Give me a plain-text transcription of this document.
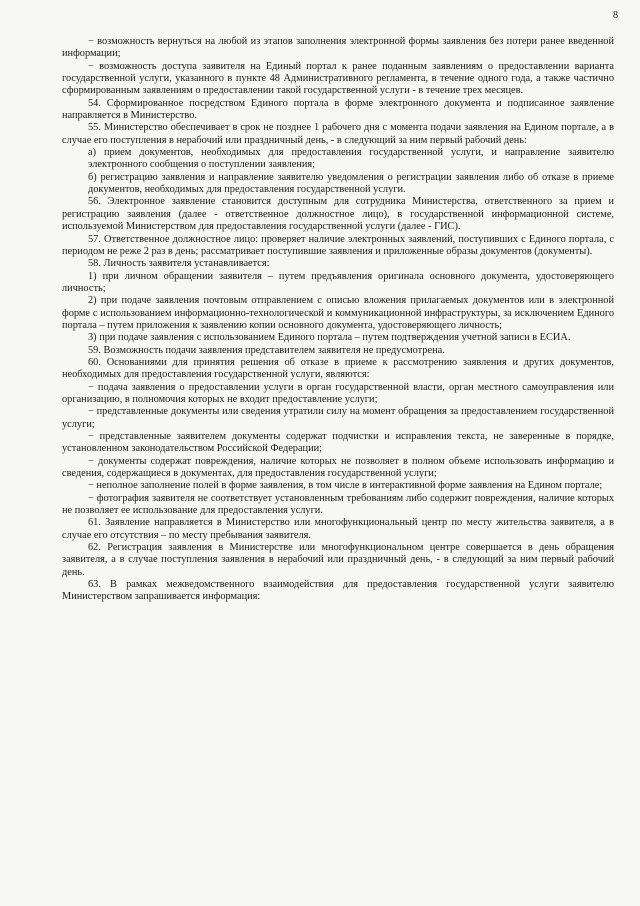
8

− возможность вернуться на любой из этапов заполнения электронной формы заявления без потери ранее введенной информации;

− возможность доступа заявителя на Единый портал к ранее поданным заявлениям о предоставлении варианта государственной услуги, указанного в пункте 48 Административного регламента, в течение одного года, а также частично сформированным заявлениям о предоставлении такой государственной услуги - в течение трех месяцев.

54. Сформированное посредством Единого портала в форме электронного документа и подписанное заявление направляется в Министерство.

55. Министерство обеспечивает в срок не позднее 1 рабочего дня с момента подачи заявления на Едином портале, а в случае его поступления в нерабочий или праздничный день, - в следующий за ним первый рабочий день:

а) прием документов, необходимых для предоставления государственной услуги, и направление заявителю электронного сообщения о поступлении заявления;

б) регистрацию заявления и направление заявителю уведомления о регистрации заявления либо об отказе в приеме документов, необходимых для предоставления государственной услуги.

56. Электронное заявление становится доступным для сотрудника Министерства, ответственного за прием и регистрацию заявления (далее - ответственное должностное лицо), в государственной информационной системе, используемой Министерством для предоставления государственной услуги (далее - ГИС).

57. Ответственное должностное лицо: проверяет наличие электронных заявлений, поступивших с Единого портала, с периодом не реже 2 раз в день; рассматривает поступившие заявления и приложенные образы документов (документы).

58. Личность заявителя устанавливается:

1) при личном обращении заявителя – путем предъявления оригинала основного документа, удостоверяющего личность;

2) при подаче заявления почтовым отправлением с описью вложения прилагаемых документов или в электронной форме с использованием информационно-технологической и коммуникационной инфраструктуры, за исключением Единого портала – путем приложения к заявлению копии основного документа, удостоверяющего личность;

3) при подаче заявления с использованием Единого портала – путем подтверждения учетной записи в ЕСИА.

59. Возможность подачи заявления представителем заявителя не предусмотрена.

60. Основаниями для принятия решения об отказе в приеме к рассмотрению заявления и других документов, необходимых для предоставления государственной услуги, являются:

− подача заявления о предоставлении услуги в орган государственной власти, орган местного самоуправления или организацию, в полномочия которых не входит предоставление услуги;

− представленные документы или сведения утратили силу на момент обращения за предоставлением государственной услуги;

− представленные заявителем документы содержат подчистки и исправления текста, не заверенные в порядке, установленном законодательством Российской Федерации;

− документы содержат повреждения, наличие которых не позволяет в полном объеме использовать информацию и сведения, содержащиеся в документах, для предоставления государственной услуги;

− неполное заполнение полей в форме заявления, в том числе в интерактивной форме заявления на Едином портале;

− фотография заявителя не соответствует установленным требованиям либо содержит повреждения, наличие которых не позволяет ее использование для предоставления услуги.

61. Заявление направляется в Министерство или многофункциональный центр по месту жительства заявителя, а в случае его отсутствия – по месту пребывания заявителя.

62. Регистрация заявления в Министерстве или многофункциональном центре совершается в день обращения заявителя, а в случае поступления заявления в нерабочий или праздничный день, - в следующий за ним первый рабочий день.

63. В рамках межведомственного взаимодействия для предоставления государственной услуги заявителю Министерством запрашивается информация:
